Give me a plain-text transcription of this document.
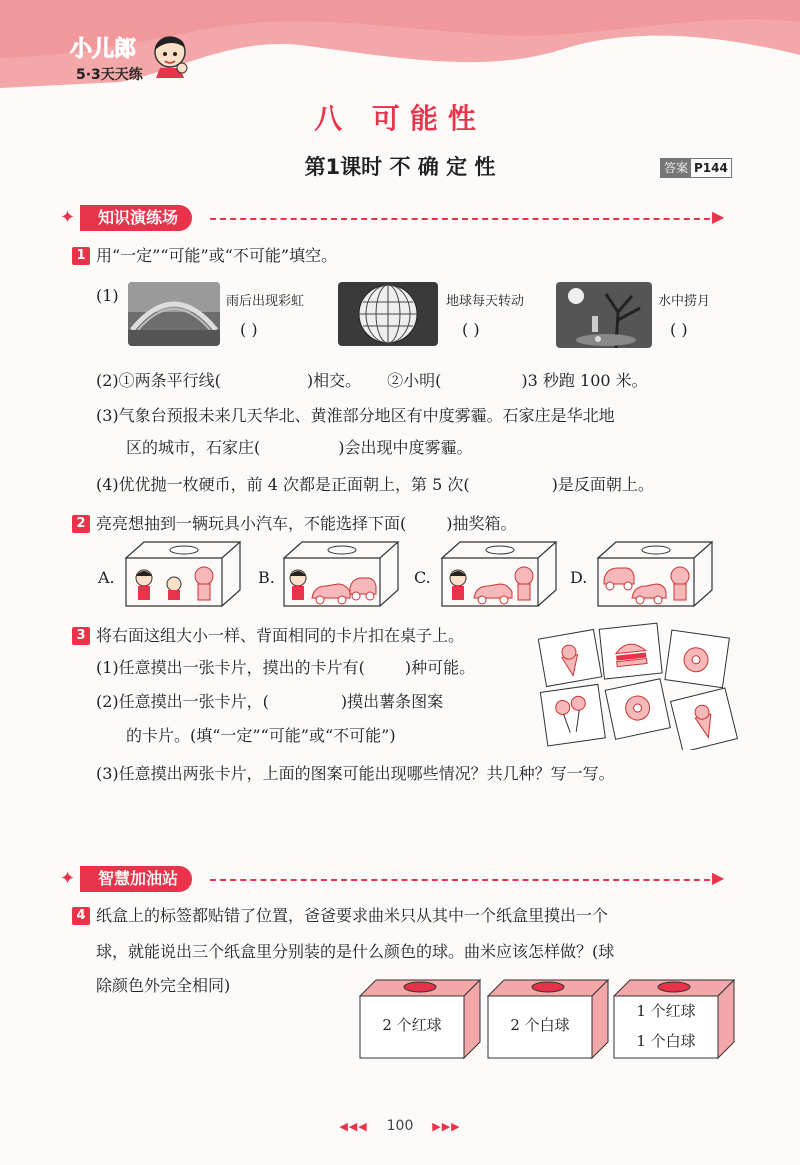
小儿郎
5·3天天练
八 可能性
第1课时 不 确 定 性	答案 P144
✦	知识演练场	▶
1 用“一定”“可能”或“不可能”填空。
(1)	雨后出现彩虹
( )
地球每天转动
( )
水中捞月
( )
(2)①两条平行线(	)相交。 ②小明(	)3 秒跑 100 米。
(3)气象台预报未来几天华北、黄淮部分地区有中度雾霾。石家庄是华北地
区的城市，石家庄(	)会出现中度雾霾。
(4)优优抛一枚硬币，前 4 次都是正面朝上，第 5 次(	)是反面朝上。
2 亮亮想抽到一辆玩具小汽车，不能选择下面(	)抽奖箱。
A.	B.	C.	D.
3 将右面这组大小一样、背面相同的卡片扣在桌子上。
(1)任意摸出一张卡片，摸出的卡片有(	)种可能。
(2)任意摸出一张卡片，(	)摸出薯条图案
的卡片。(填“一定”“可能”或“不可能”)
(3)任意摸出两张卡片，上面的图案可能出现哪些情况？共几种？写一写。
✦	智慧加油站	▶
4 纸盒上的标签都贴错了位置，爸爸要求曲米只从其中一个纸盒里摸出一个
球，就能说出三个纸盒里分别装的是什么颜色的球。曲米应该怎样做？(球
除颜色外完全相同)
2 个红球	2 个白球
1 个红球
1 个白球
◀◀◀ 100 ▶▶▶
